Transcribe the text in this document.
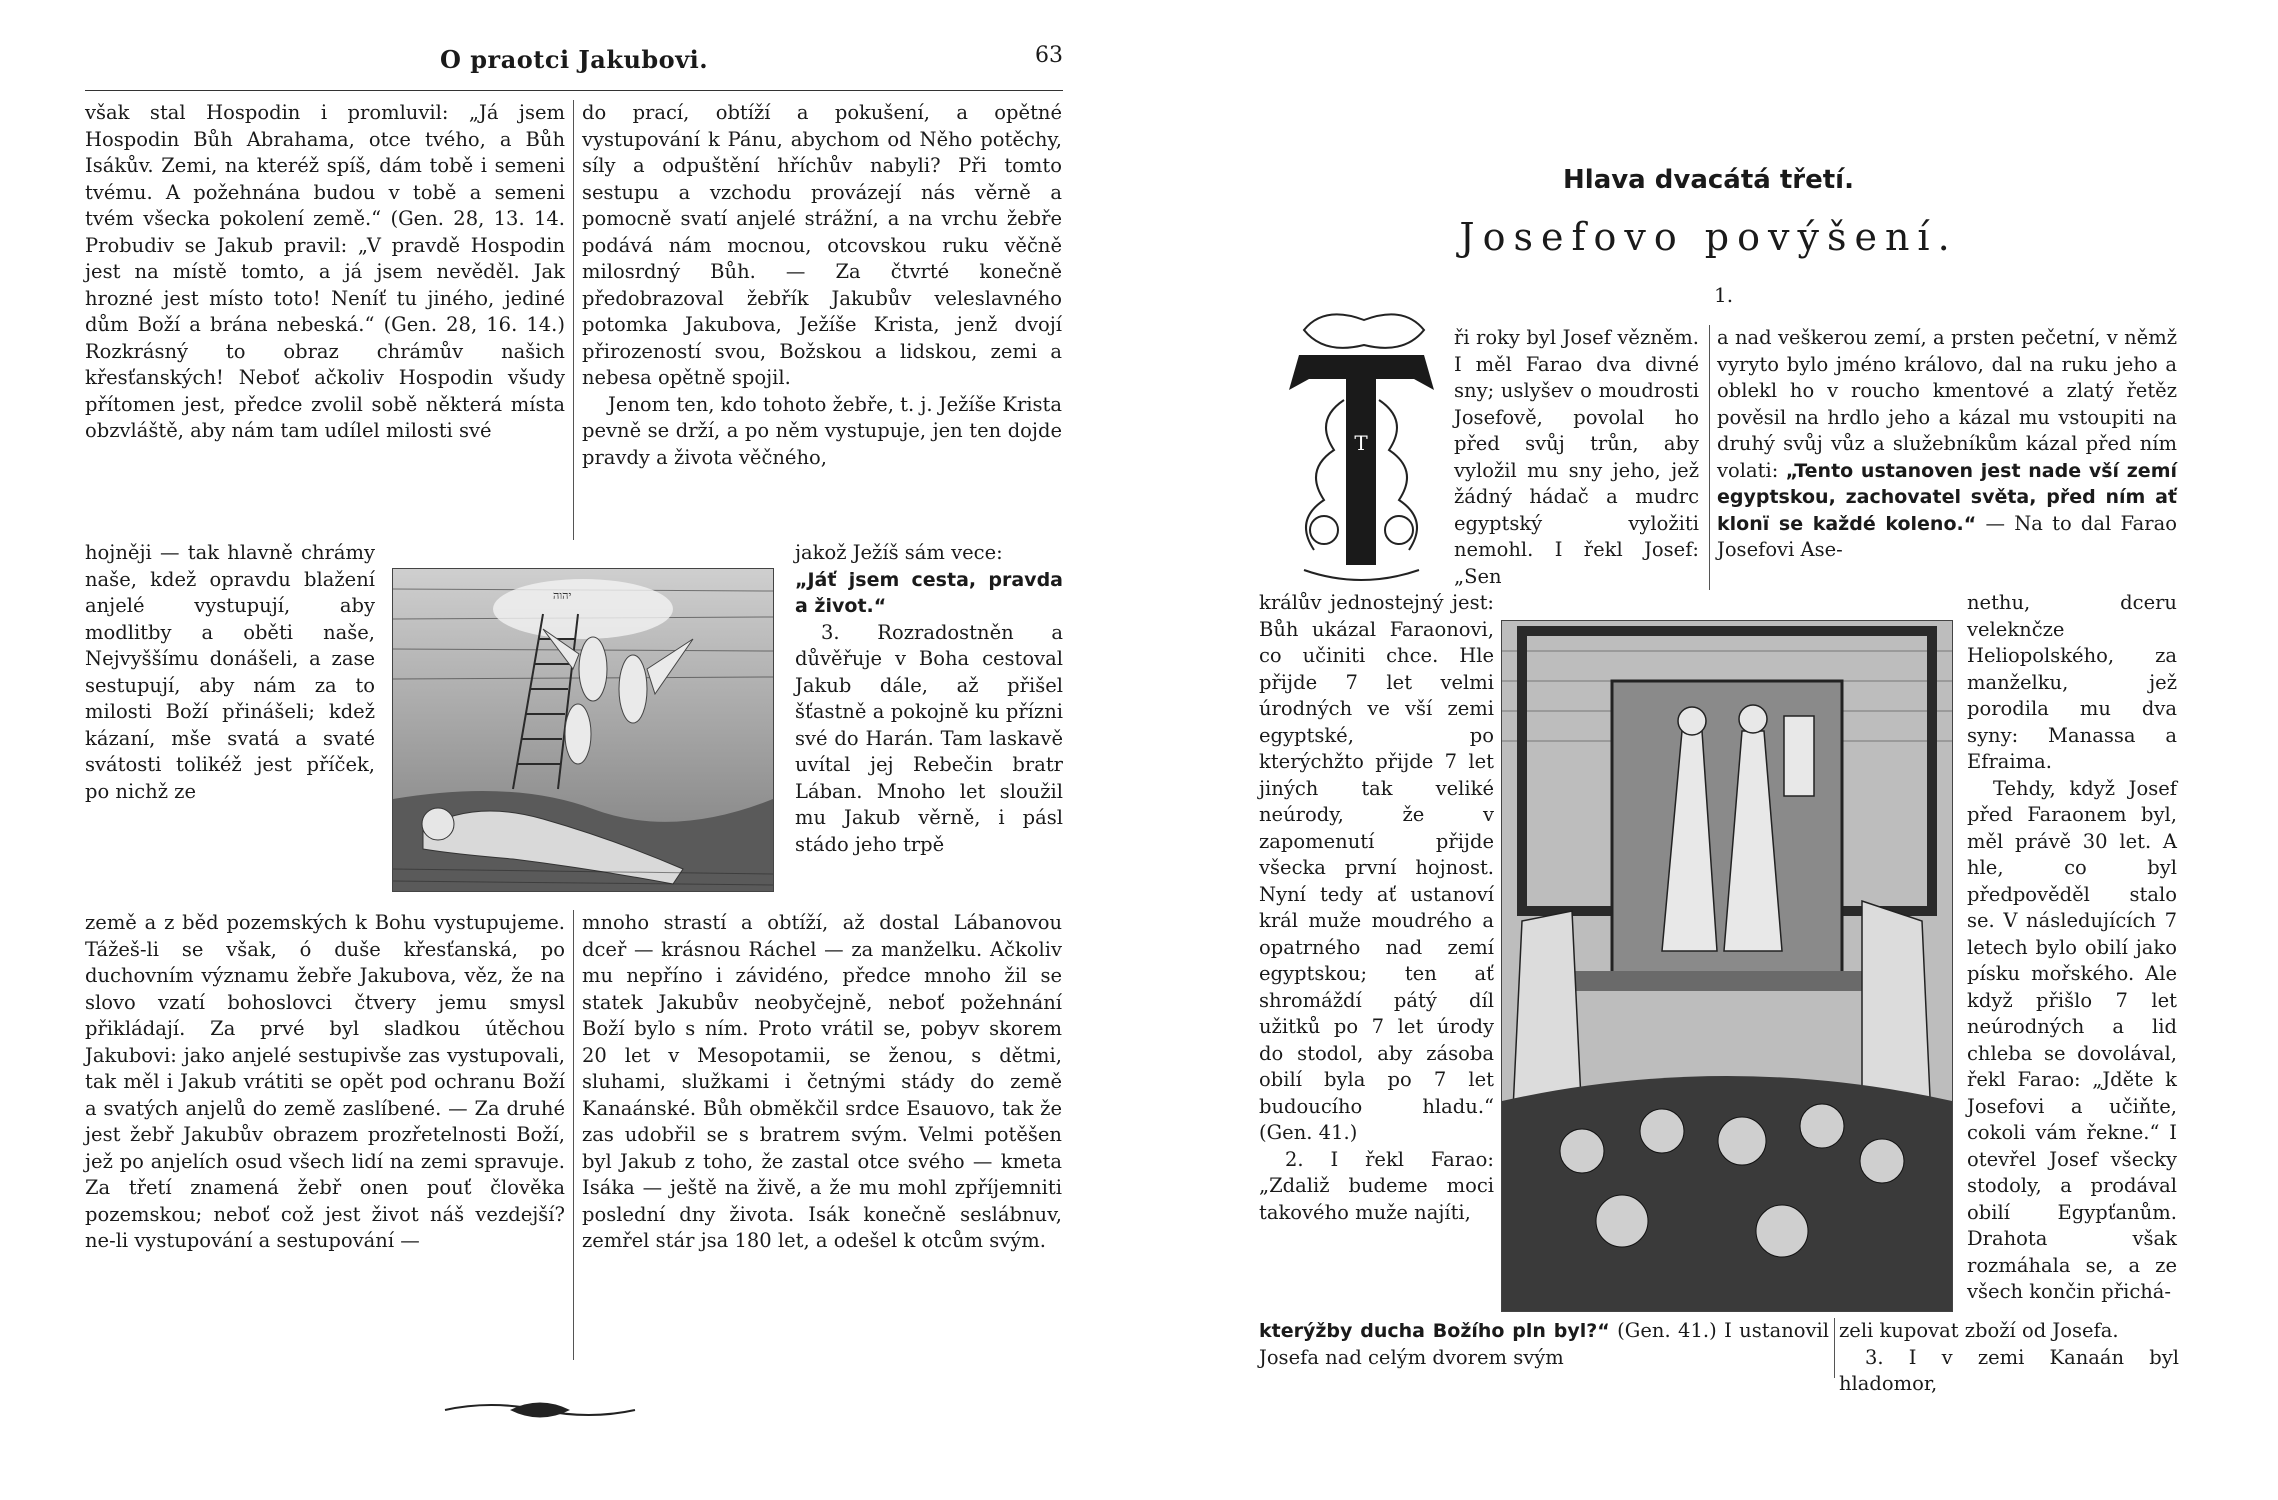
O praotci Jakubovi.	63

však stal Hospodin i promluvil: „Já jsem Hospodin Bůh Abrahama, otce tvého, a Bůh Isákův. Zemi, na kteréž spíš, dám tobě i semeni tvému. A požehnána budou v tobě a semeni tvém všecka pokolení země.“ (Gen. 28, 13. 14. Probudiv se Jakub pravil: „V pravdě Hospodin jest na místě tomto, a já jsem nevěděl. Jak hrozné jest místo toto! Neníť tu jiného, jediné dům Boží a brána nebeská.“ (Gen. 28, 16. 14.) Rozkrásný to obraz chrámův našich křesťanských! Neboť ačkoliv Hospodin všudy přítomen jest, předce zvolil sobě některá místa obzvláště, aby nám tam udílel milosti své

hojněji — tak hlavně chrámy naše, kdež opravdu blažení anjelé vystupují, aby modlitby a oběti naše, Nejvyššímu donášeli, a zase sestupují, aby nám za to milosti Boží přinášeli; kdež kázaní, mše svatá a svaté svátosti tolikéž jest příček, po nichž ze

země a z běd pozemských k Bohu vystupujeme. Tážeš-li se však, ó duše křesťanská, po duchovním významu žebře Jakubova, věz, že na slovo vzatí bohoslovci čtvery jemu smysl přikládají. Za prvé byl sladkou útěchou Jakubovi: jako anjelé sestupivše zas vystupovali, tak měl i Jakub vrátiti se opět pod ochranu Boží a svatých anjelů do země zaslíbené. — Za druhé jest žebř Jakubův obrazem prozřetelnosti Boží, jež po anjelích osud všech lidí na zemi spravuje. Za třetí znamená žebř onen pouť člověka pozemskou; neboť což jest život náš vezdejší? ne-li vystupování a sestupování —

do prací, obtíží a pokušení, a opětné vystupování k Pánu, abychom od Něho potěchy, síly a odpuštění hříchův nabyli? Při tomto sestupu a vzchodu provázejí nás věrně a pomocně svatí anjelé strážní, a na vrchu žebře podává nám mocnou, otcovskou ruku věčně milosrdný Bůh. — Za čtvrté konečně předobrazoval žebřík Jakubův veleslavného potomka Jakubova, Ježíše Krista, jenž dvojí přirozeností svou, Božskou a lidskou, zemi a nebesa opětně spojil.

Jenom ten, kdo tohoto žebře, t. j. Ježíše Krista pevně se drží, a po něm vystupuje, jen ten dojde pravdy a života věčného,

jakož Ježíš sám vece:

„Jáť jsem cesta, pravda a život.“

3. Rozradostněn a důvěřuje v Boha cestoval Jakub dále, až přišel šťastně a pokojně ku přízni své do Harán. Tam laskavě uvítal jej Rebečin bratr Lában. Mnoho let sloužil mu Jakub věrně, i pásl stádo jeho trpě

mnoho strastí a obtíží, až dostal Lábanovou dceř — krásnou Ráchel — za manželku. Ačkoliv mu nepříno i závidéno, předce mnoho žil se statek Jakubův neobyčejně, neboť požehnání Boží bylo s ním. Proto vrátil se, pobyv skorem 20 let v Mesopotamii, se ženou, s dětmi, sluhami, služkami i četnými stády do země Kanaánské. Bůh obměkčil srdce Esauovo, tak že zas udobřil se s bratrem svým. Velmi potěšen byl Jakub z toho, že zastal otce svého — kmeta Isáka — ještě na živě, a že mu mohl zpříjemniti poslední dny života. Isák konečně seslábnuv, zemřel stár jsa 180 let, a odešel k otcům svým.

יהוה
Hlava dvacátá třetí.
Josefovo povýšení.
1.
T

ři roky byl Josef vězněm. I měl Farao dva divné sny; uslyšev o moudrosti Josefově, povolal ho před svůj trůn, aby vyložil mu sny jeho, jež žádný hádač a mudrc egyptský vyložiti nemohl. I řekl Josef: „Sen

králův jednostejný jest: Bůh ukázal Faraonovi, co učiniti chce. Hle přijde 7 let velmi úrodných ve vší zemi egyptské, po kterýchžto přijde 7 let jiných tak veliké neúrody, že v zapomenutí přijde všecka první hojnost. Nyní tedy ať ustanoví král muže moudrého a opatrného nad zemí egyptskou; ten ať shromáždí pátý díl užitků po 7 let úrody do stodol, aby zásoba obilí byla po 7 let budoucího hladu.“ (Gen. 41.)

2. I řekl Farao: „Zdaliž budeme moci takového muže najíti,

a nad veškerou zemí, a prsten pečetní, v němž vyryto bylo jméno královo, dal na ruku jeho a oblekl ho v roucho kmentové a zlatý řetěz pověsil na hrdlo jeho a kázal mu vstoupiti na druhý svůj vůz a služebníkům kázal před ním volati: „Tento ustanoven jest nade vší zemí egyptskou, zachovatel světa, před ním ať klonï se každé koleno.“ — Na to dal Farao Josefovi Ase-

nethu, dceru veleknčze Heliopolského, za manželku, jež porodila mu dva syny: Manassa a Efraima.

Tehdy, když Josef před Faraonem byl, měl právě 30 let. A hle, co byl předpověděl stalo se. V následujících 7 letech bylo obilí jako písku mořského. Ale když přišlo 7 let neúrodných a lid chleba se dovolával, řekl Farao: „Jděte k Josefovi a učiňte, cokoli vám řekne.“ I otevřel Josef všecky stodoly, a prodával obilí Egypťanům. Drahota však rozmáhala se, a ze všech končin přichá-

kterýžby ducha Božího pln byl?“ (Gen. 41.) I ustanovil Josefa nad celým dvorem svým

zeli kupovat zboží od Josefa.

3. I v zemi Kanaán byl hladomor,
